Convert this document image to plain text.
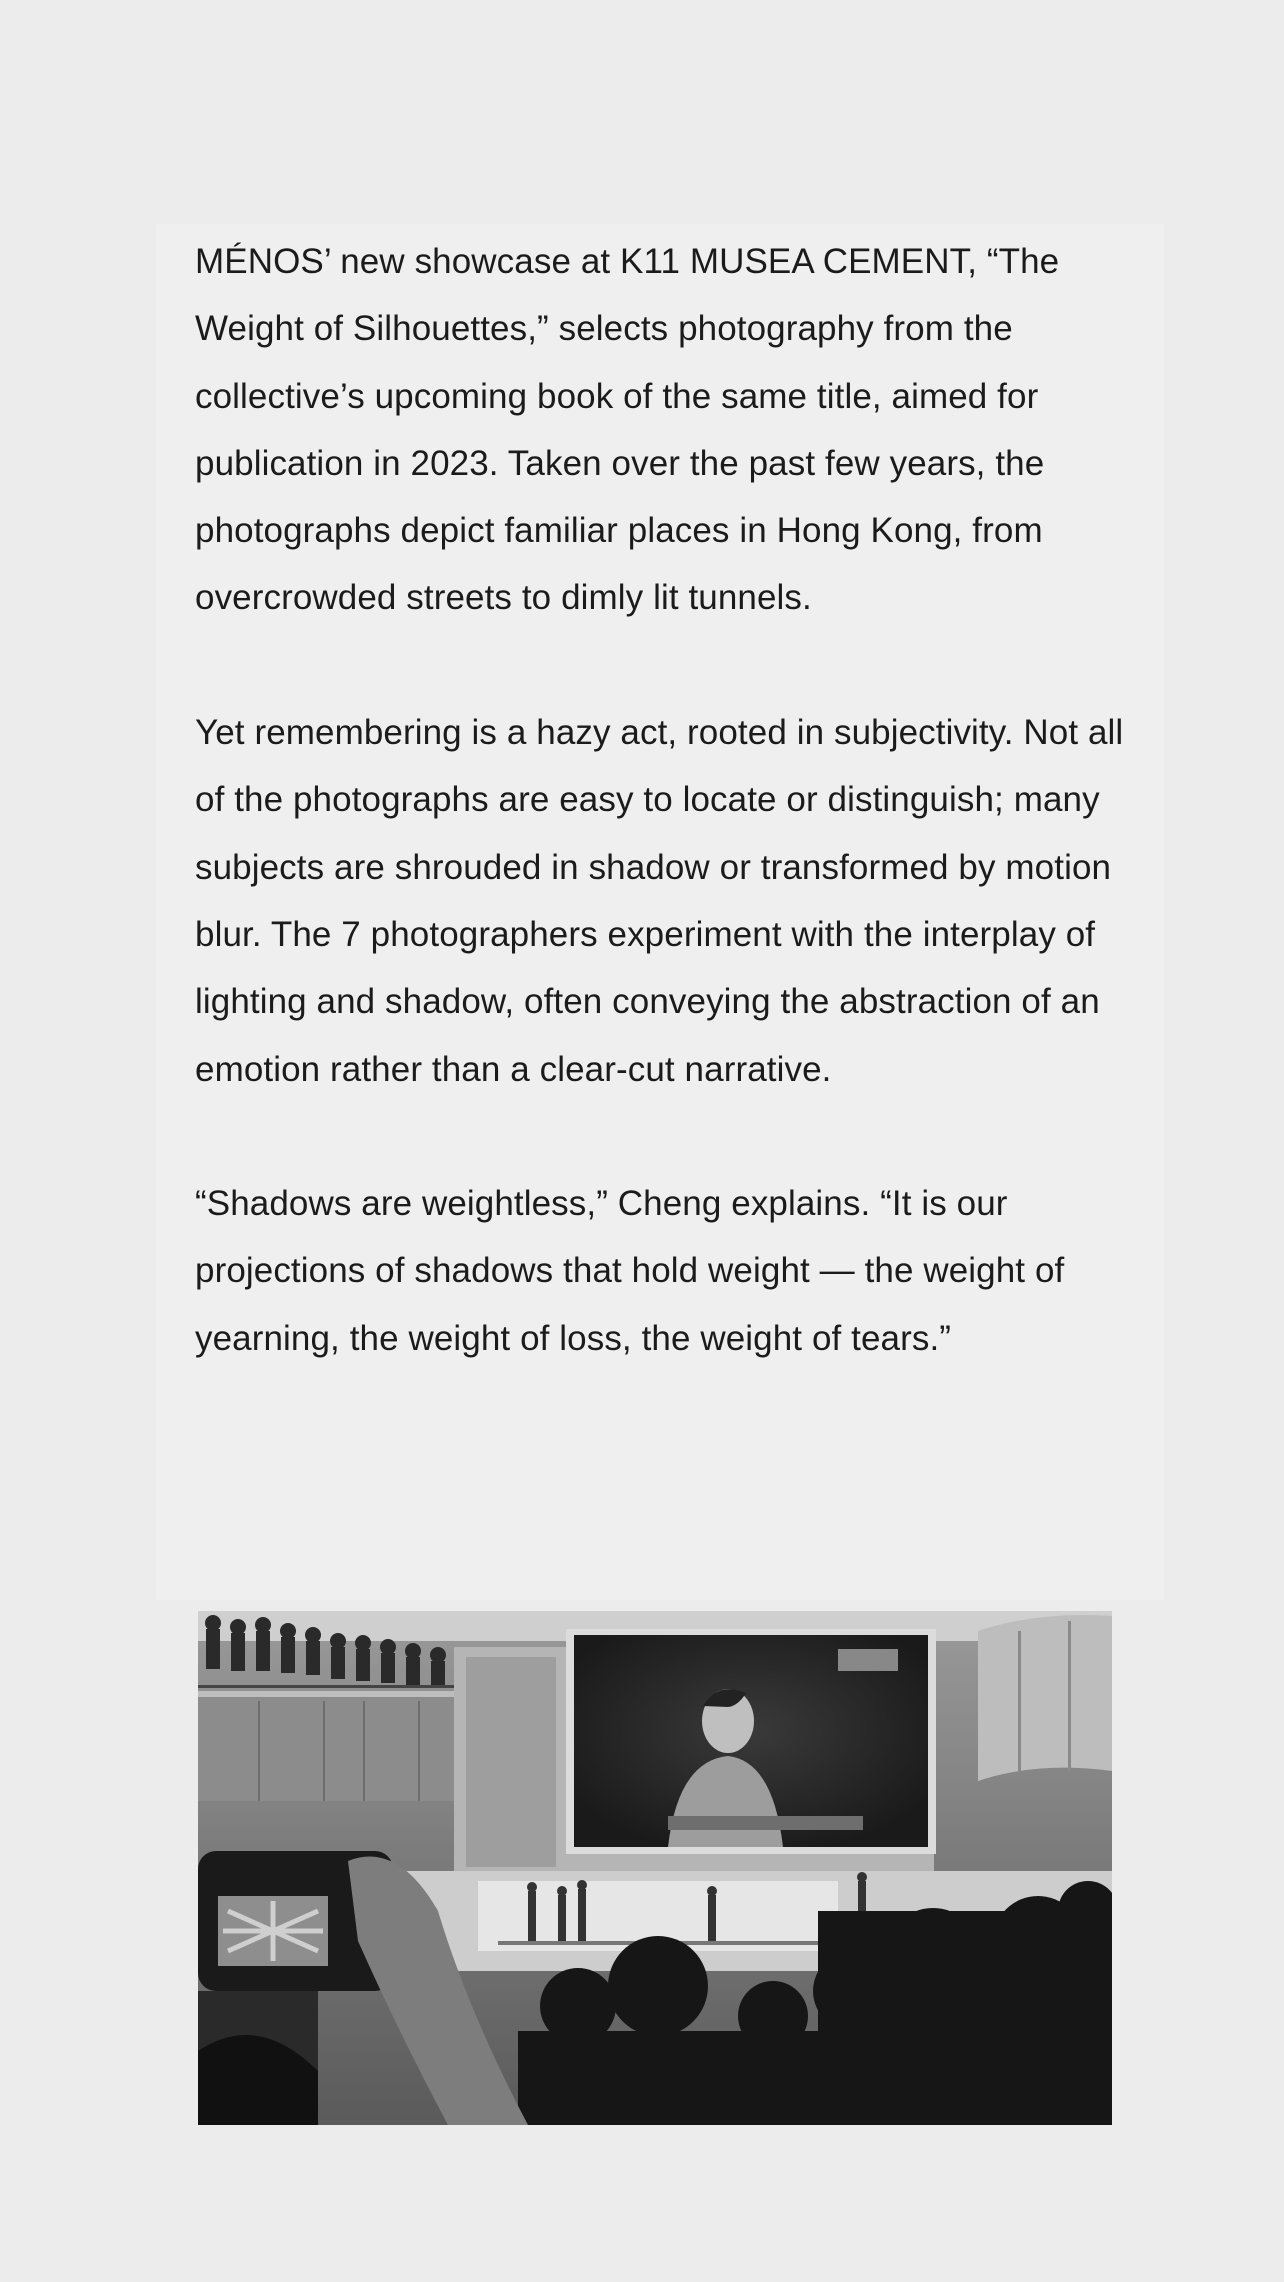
MÉNOS’ new showcase at K11 MUSEA CEMENT, “The Weight of Silhouettes,” selects photography from the collective’s upcoming book of the same title, aimed for publication in 2023. Taken over the past few years, the photographs depict familiar places in Hong Kong, from overcrowded streets to dimly lit tunnels.

Yet remembering is a hazy act, rooted in subjectivity. Not all of the photographs are easy to locate or distinguish; many subjects are shrouded in shadow or transformed by motion blur. The 7 photographers experiment with the interplay of lighting and shadow, often conveying the abstraction of an emotion rather than a clear-cut narrative.

“Shadows are weightless,” Cheng explains. “It is our projections of shadows that hold weight — the weight of yearning, the weight of loss, the weight of tears.”
